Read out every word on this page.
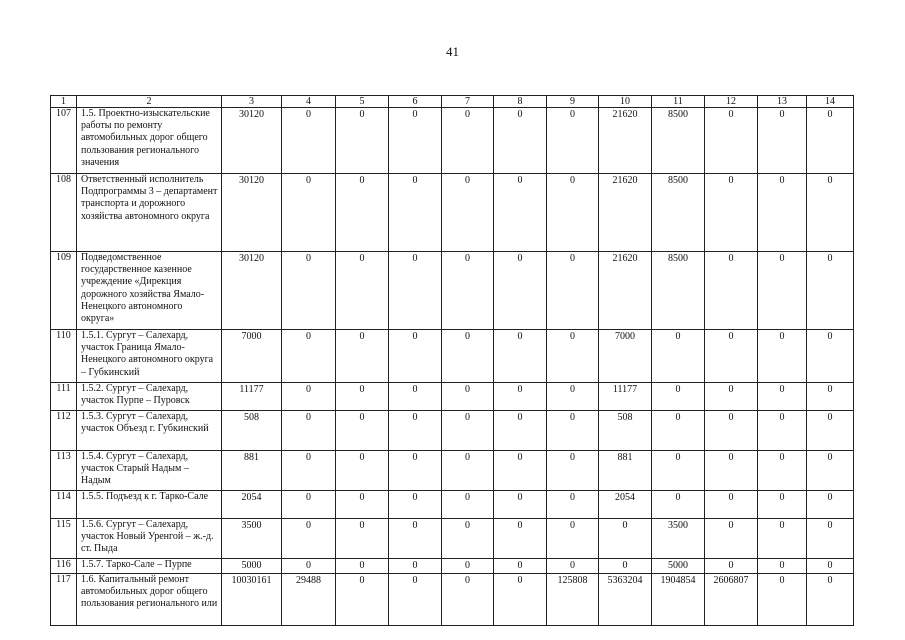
41
1	2	3	4	5	6	7	8	9	10	11	12	13	14
107	1.5. Проектно-изыскательские работы по ремонту автомобильных дорог общего пользования регионального значения	30120	0	0	0	0	0	0	21620	8500	0	0	0
108	Ответственный исполнитель Подпрограммы 3 – департамент транспорта и дорожного хозяйства автономного округа	30120	0	0	0	0	0	0	21620	8500	0	0	0
109	Подведомственное государственное казенное учреждение «Дирекция дорожного хозяйства Ямало-Ненецкого автономного округа»	30120	0	0	0	0	0	0	21620	8500	0	0	0
110	1.5.1. Сургут – Салехард, участок Граница Ямало-Ненецкого автономного округа – Губкинский	7000	0	0	0	0	0	0	7000	0	0	0	0
111	1.5.2. Сургут – Салехард, участок Пурпе – Пуровск	11177	0	0	0	0	0	0	11177	0	0	0	0
112	1.5.3. Сургут – Салехард, участок Объезд г. Губкинский	508	0	0	0	0	0	0	508	0	0	0	0
113	1.5.4. Сургут – Салехард, участок Старый Надым – Надым	881	0	0	0	0	0	0	881	0	0	0	0
114	1.5.5. Подъезд к г. Тарко-Сале	2054	0	0	0	0	0	0	2054	0	0	0	0
115	1.5.6. Сургут – Салехард, участок Новый Уренгой – ж.-д. ст. Пыда	3500	0	0	0	0	0	0	0	3500	0	0	0
116	1.5.7. Тарко-Сале – Пурпе	5000	0	0	0	0	0	0	0	5000	0	0	0
117	1.6. Капитальный ремонт автомобильных дорог общего пользования регионального или	10030161	29488	0	0	0	0	125808	5363204	1904854	2606807	0	0
